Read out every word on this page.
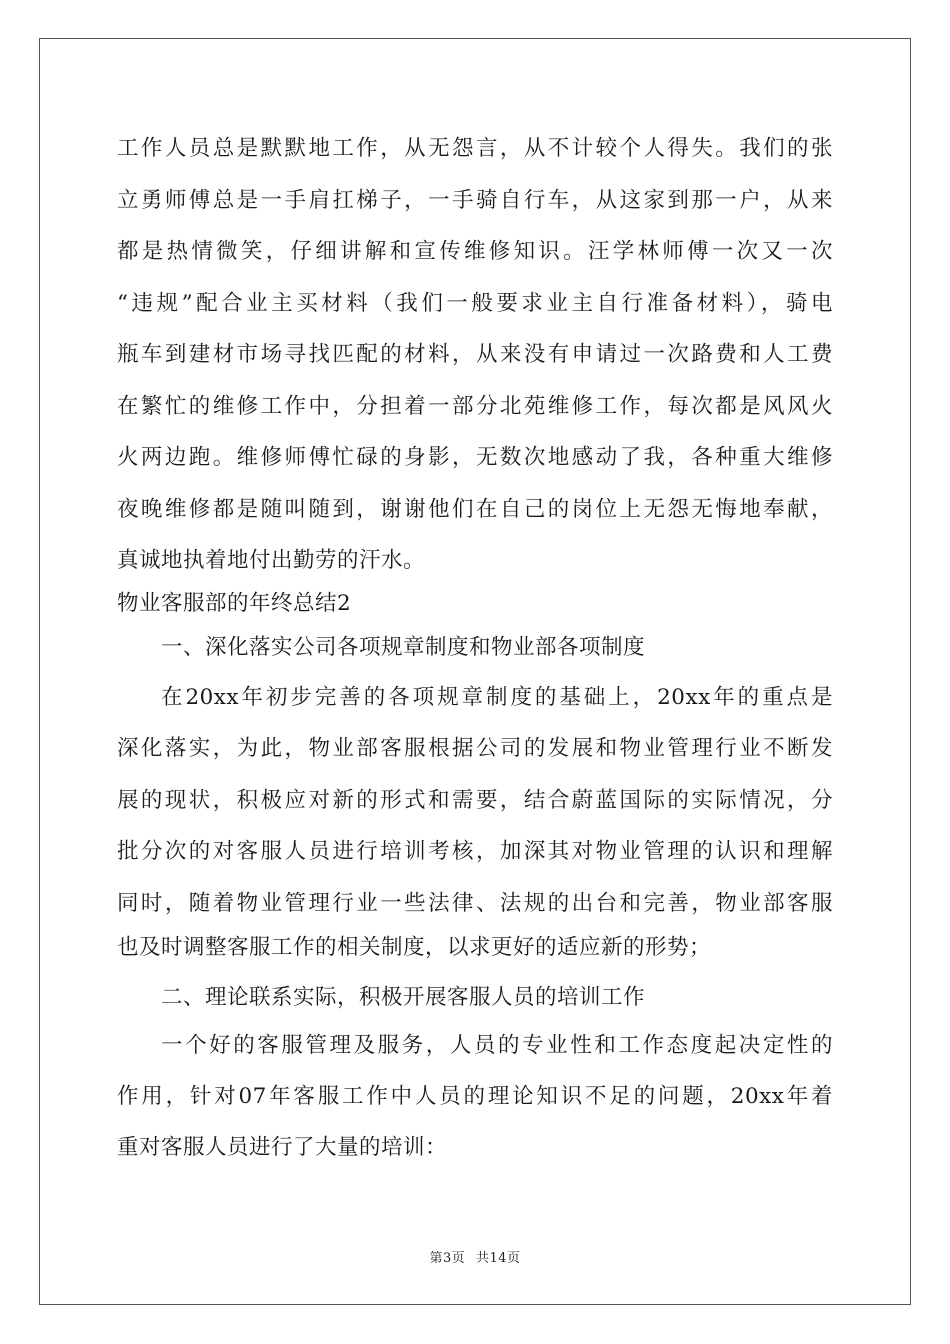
工作人员总是默默地工作，从无怨言，从不计较个人得失。我们的张
立勇师傅总是一手肩扛梯子，一手骑自行车，从这家到那一户，从来
都是热情微笑，仔细讲解和宣传维修知识。汪学林师傅一次又一次
“违规”配合业主买材料（我们一般要求业主自行准备材料），骑电
瓶车到建材市场寻找匹配的材料，从来没有申请过一次路费和人工费
在繁忙的维修工作中，分担着一部分北苑维修工作，每次都是风风火
火两边跑。维修师傅忙碌的身影，无数次地感动了我，各种重大维修
夜晚维修都是随叫随到，谢谢他们在自己的岗位上无怨无悔地奉献，
真诚地执着地付出勤劳的汗水。
物业客服部的年终总结2
一、深化落实公司各项规章制度和物业部各项制度
在20xx年初步完善的各项规章制度的基础上，20xx年的重点是
深化落实，为此，物业部客服根据公司的发展和物业管理行业不断发
展的现状，积极应对新的形式和需要，结合蔚蓝国际的实际情况，分
批分次的对客服人员进行培训考核，加深其对物业管理的认识和理解
同时，随着物业管理行业一些法律、法规的出台和完善，物业部客服
也及时调整客服工作的相关制度，以求更好的适应新的形势；
二、理论联系实际，积极开展客服人员的培训工作
一个好的客服管理及服务，人员的专业性和工作态度起决定性的
作用，针对07年客服工作中人员的理论知识不足的问题，20xx年着
重对客服人员进行了大量的培训：
第3页 共14页
